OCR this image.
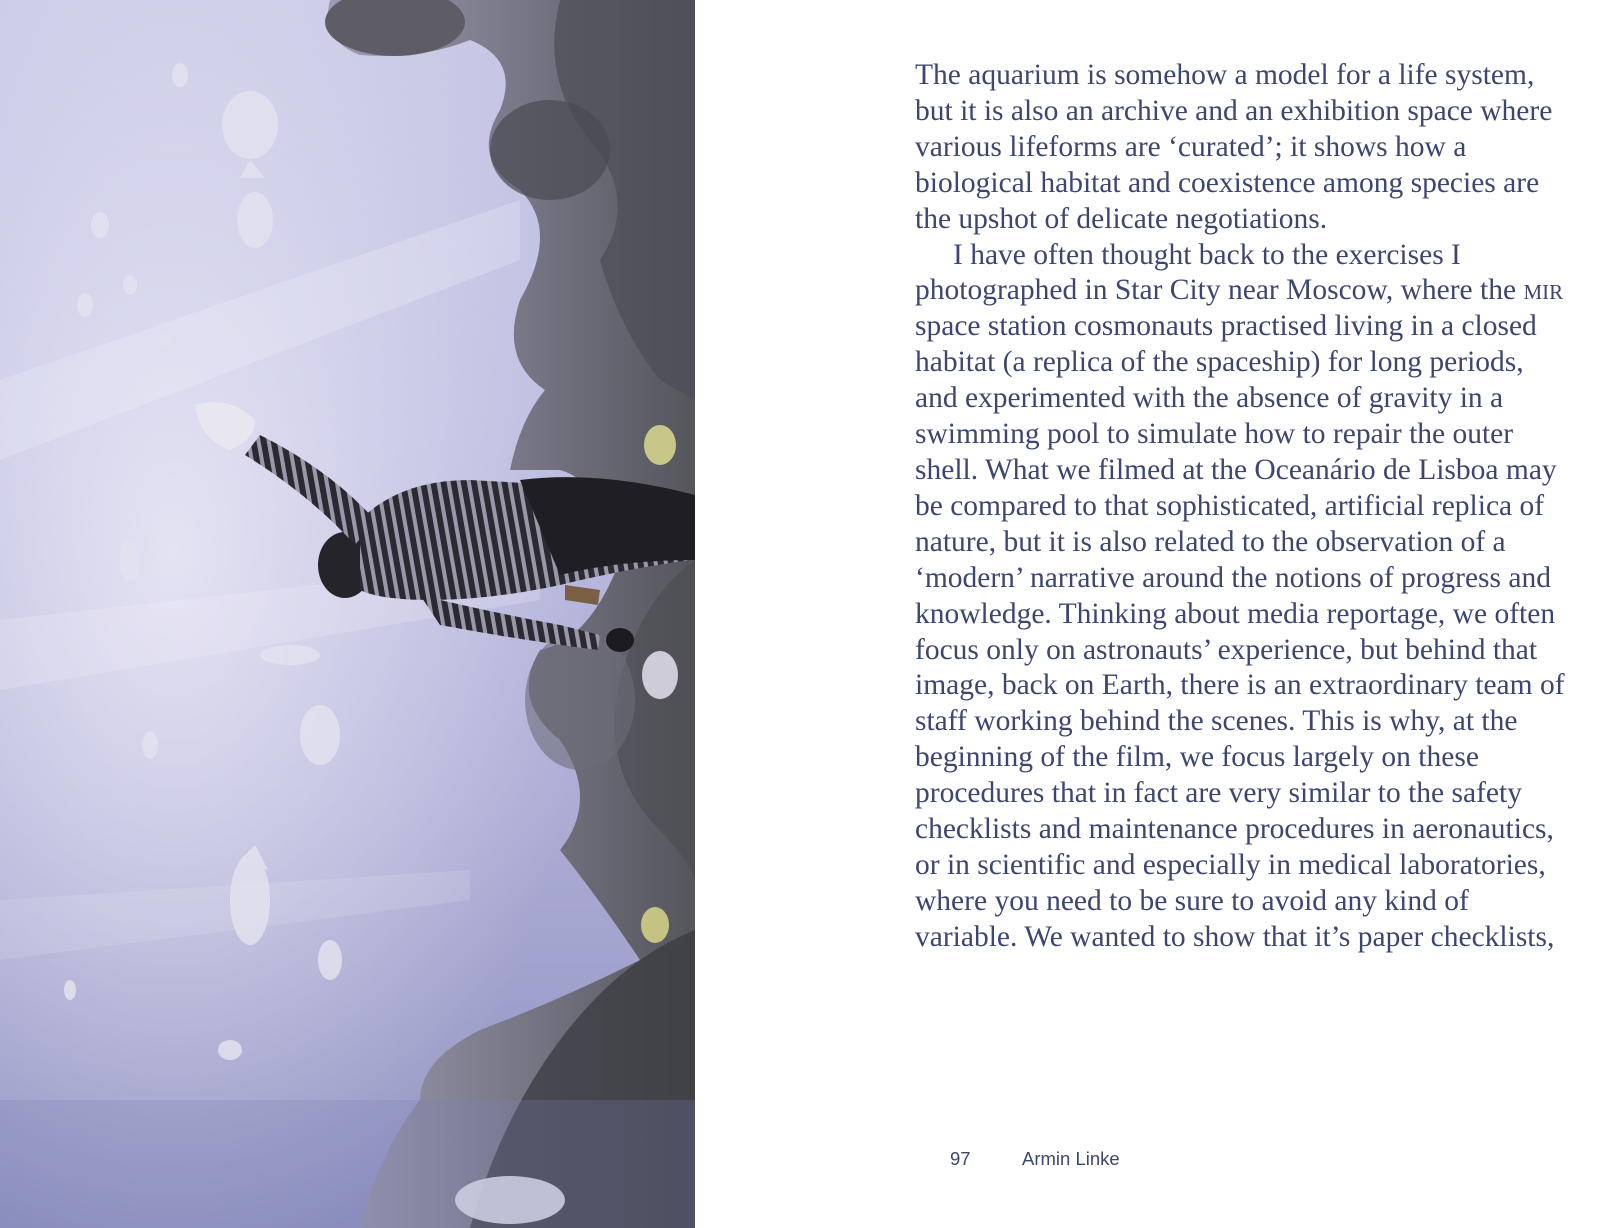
The aquarium is somehow a model for a life system, but it is also an archive and an exhibition space where various lifeforms are ‘curated’; it shows how a biological habitat and coexistence among species are the upshot of delicate negotiations.

I have often thought back to the exercises I photographed in Star City near Moscow, where the mir space station cosmonauts practised living in a closed habitat (a replica of the spaceship) for long periods, and experimented with the absence of gravity in a swimming pool to simulate how to repair the outer shell. What we filmed at the Oceanário de Lisboa may be compared to that sophisticated, artificial replica of nature, but it is also related to the observation of a ‘modern’ narrative around the notions of progress and knowledge. Thinking about media reportage, we often focus only on astronauts’ experience, but behind that image, back on Earth, there is an extraordinary team of staff working behind the scenes. This is why, at the beginning of the film, we focus largely on these procedures that in fact are very similar to the safety checklists and maintenance procedures in aeronautics, or in scientific and especially in medical laboratories, where you need to be sure to avoid any kind of variable. We wanted to show that it’s paper checklists,

97	Armin Linke
